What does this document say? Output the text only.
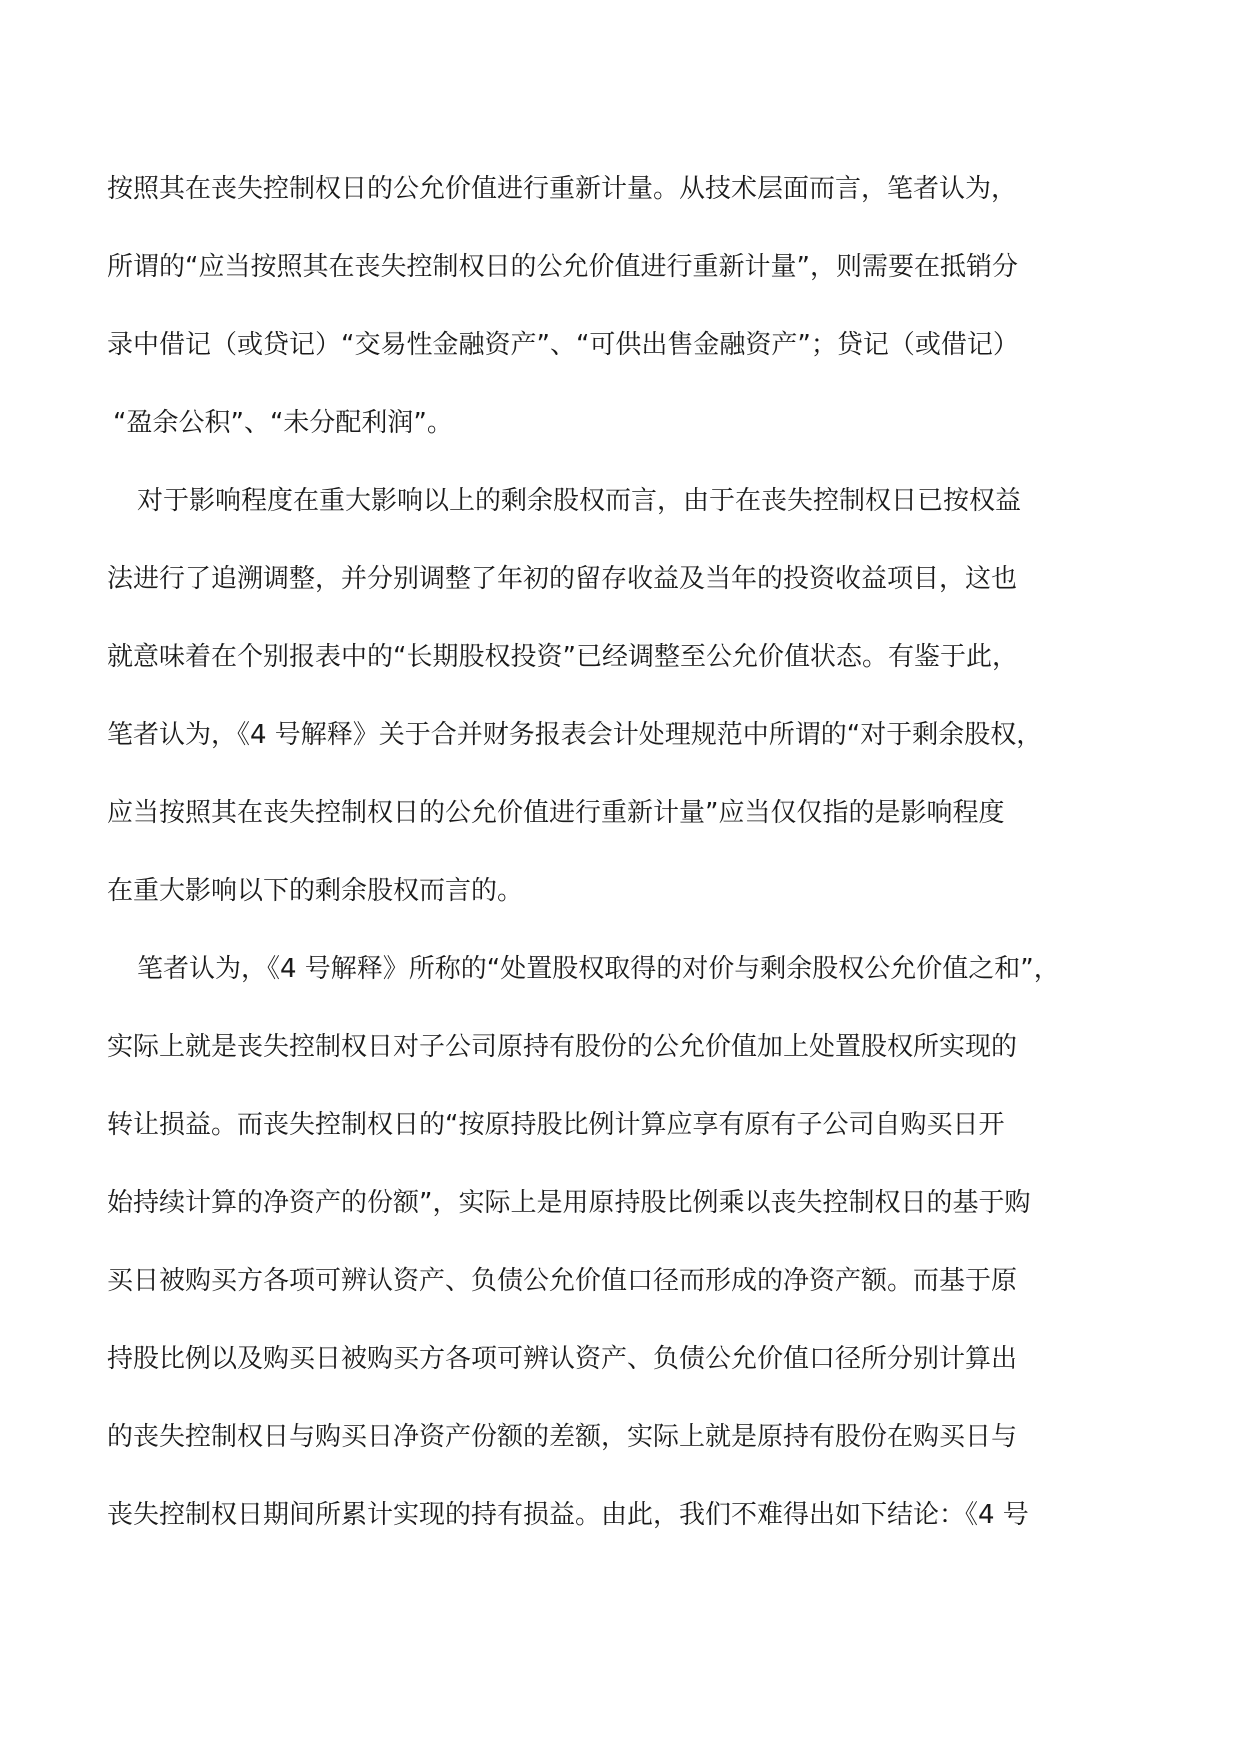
按照其在丧失控制权日的公允价值进行重新计量。从技术层面而言，笔者认为，
所谓的“应当按照其在丧失控制权日的公允价值进行重新计量”，则需要在抵销分
录中借记（或贷记）“交易性金融资产”、“可供出售金融资产”；贷记（或借记）
“盈余公积”、“未分配利润”。
对于影响程度在重大影响以上的剩余股权而言，由于在丧失控制权日已按权益
法进行了追溯调整，并分别调整了年初的留存收益及当年的投资收益项目，这也
就意味着在个别报表中的“长期股权投资”已经调整至公允价值状态。有鉴于此，
笔者认为，《4 号解释》关于合并财务报表会计处理规范中所谓的“对于剩余股权，
应当按照其在丧失控制权日的公允价值进行重新计量”应当仅仅指的是影响程度
在重大影响以下的剩余股权而言的。
笔者认为，《4 号解释》所称的“处置股权取得的对价与剩余股权公允价值之和”，
实际上就是丧失控制权日对子公司原持有股份的公允价值加上处置股权所实现的
转让损益。而丧失控制权日的“按原持股比例计算应享有原有子公司自购买日开
始持续计算的净资产的份额”，实际上是用原持股比例乘以丧失控制权日的基于购
买日被购买方各项可辨认资产、负债公允价值口径而形成的净资产额。而基于原
持股比例以及购买日被购买方各项可辨认资产、负债公允价值口径所分别计算出
的丧失控制权日与购买日净资产份额的差额，实际上就是原持有股份在购买日与
丧失控制权日期间所累计实现的持有损益。由此，我们不难得出如下结论：《4 号
